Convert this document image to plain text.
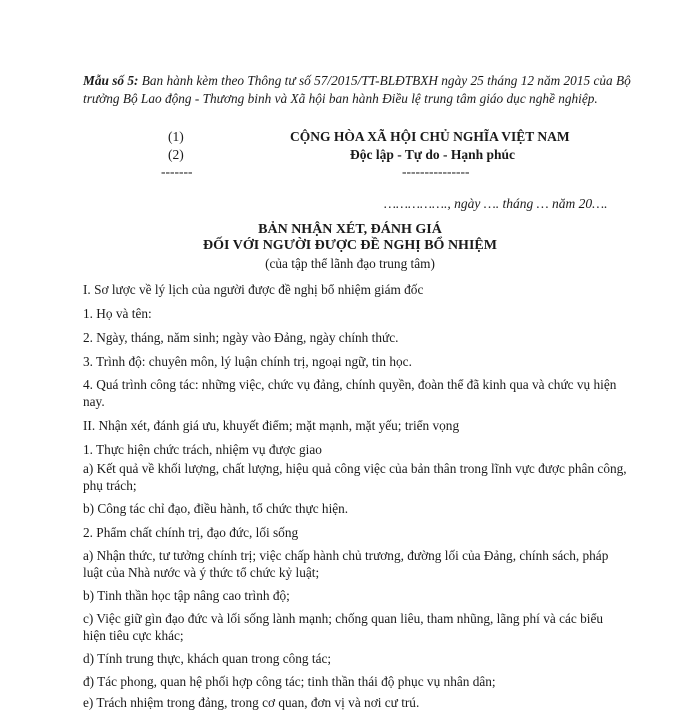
Mẫu số 5: Ban hành kèm theo Thông tư số 57/2015/TT-BLĐTBXH ngày 25 tháng 12 năm 2015 của Bộ trưởng Bộ Lao động - Thương binh và Xã hội ban hành Điều lệ trung tâm giáo dục nghề nghiệp.
(1)
(2)
-------
CỘNG HÒA XÃ HỘI CHỦ NGHĨA VIỆT NAM
Độc lập - Tự do - Hạnh phúc
---------------
……………., ngày …. tháng … năm 20….
BẢN NHẬN XÉT, ĐÁNH GIÁ
ĐỐI VỚI NGƯỜI ĐƯỢC ĐỀ NGHỊ BỔ NHIỆM
(của tập thể lãnh đạo trung tâm)
I. Sơ lược về lý lịch của người được đề nghị bổ nhiệm giám đốc
1. Họ và tên:
2. Ngày, tháng, năm sinh; ngày vào Đảng, ngày chính thức.
3. Trình độ: chuyên môn, lý luận chính trị, ngoại ngữ, tin học.
4. Quá trình công tác: những việc, chức vụ đảng, chính quyền, đoàn thể đã kinh qua và chức vụ hiện nay.
II. Nhận xét, đánh giá ưu, khuyết điểm; mặt mạnh, mặt yếu; triển vọng
1. Thực hiện chức trách, nhiệm vụ được giao
a) Kết quả về khối lượng, chất lượng, hiệu quả công việc của bản thân trong lĩnh vực được phân công, phụ trách;
b) Công tác chỉ đạo, điều hành, tổ chức thực hiện.
2. Phẩm chất chính trị, đạo đức, lối sống
a) Nhận thức, tư tưởng chính trị; việc chấp hành chủ trương, đường lối của Đảng, chính sách, pháp luật của Nhà nước và ý thức tổ chức kỷ luật;
b) Tinh thần học tập nâng cao trình độ;
c) Việc giữ gìn đạo đức và lối sống lành mạnh; chống quan liêu, tham nhũng, lãng phí và các biểu hiện tiêu cực khác;
d) Tính trung thực, khách quan trong công tác;
đ) Tác phong, quan hệ phối hợp công tác; tinh thần thái độ phục vụ nhân dân;
e) Trách nhiệm trong đảng, trong cơ quan, đơn vị và nơi cư trú.
